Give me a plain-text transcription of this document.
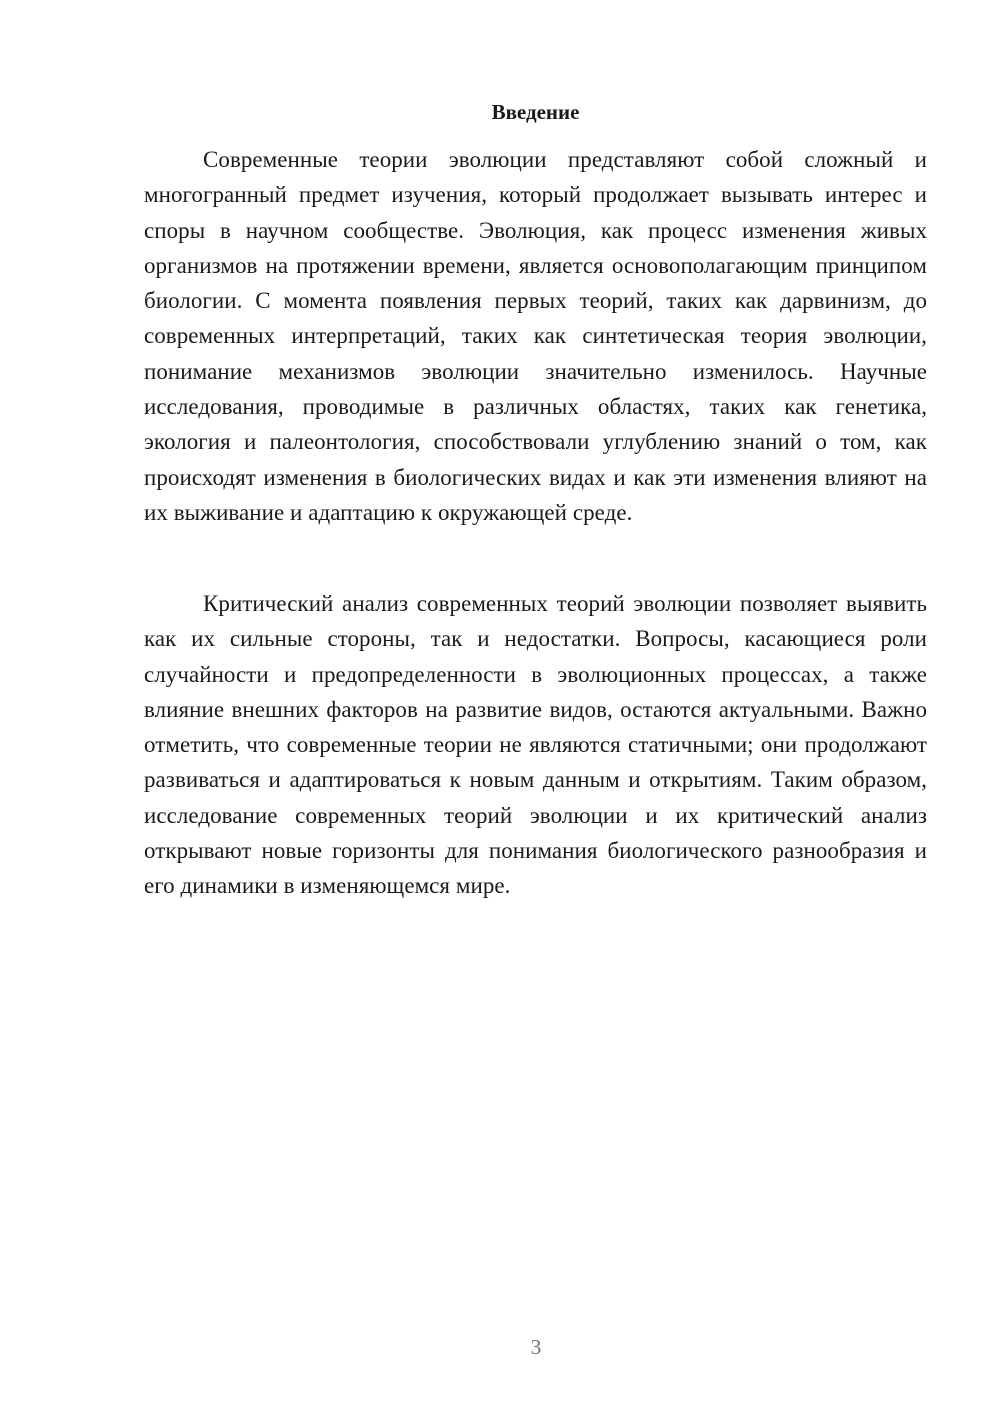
Введение

Современные теории эволюции представляют собой сложный и многогранный предмет изучения, который продолжает вызывать интерес и споры в научном сообществе. Эволюция, как процесс изменения живых организмов на протяжении времени, является основополагающим принципом биологии. С момента появления первых теорий, таких как дарвинизм, до современных интерпретаций, таких как синтетическая теория эволюции, понимание механизмов эволюции значительно изменилось. Научные исследования, проводимые в различных областях, таких как генетика, экология и палеонтология, способствовали углублению знаний о том, как происходят изменения в биологических видах и как эти изменения влияют на их выживание и адаптацию к окружающей среде.

Критический анализ современных теорий эволюции позволяет выявить как их сильные стороны, так и недостатки. Вопросы, касающиеся роли случайности и предопределенности в эволюционных процессах, а также влияние внешних факторов на развитие видов, остаются актуальными. Важно отметить, что современные теории не являются статичными; они продолжают развиваться и адаптироваться к новым данным и открытиям. Таким образом, исследование современных теорий эволюции и их критический анализ открывают новые горизонты для понимания биологического разнообразия и его динамики в изменяющемся мире.

3
